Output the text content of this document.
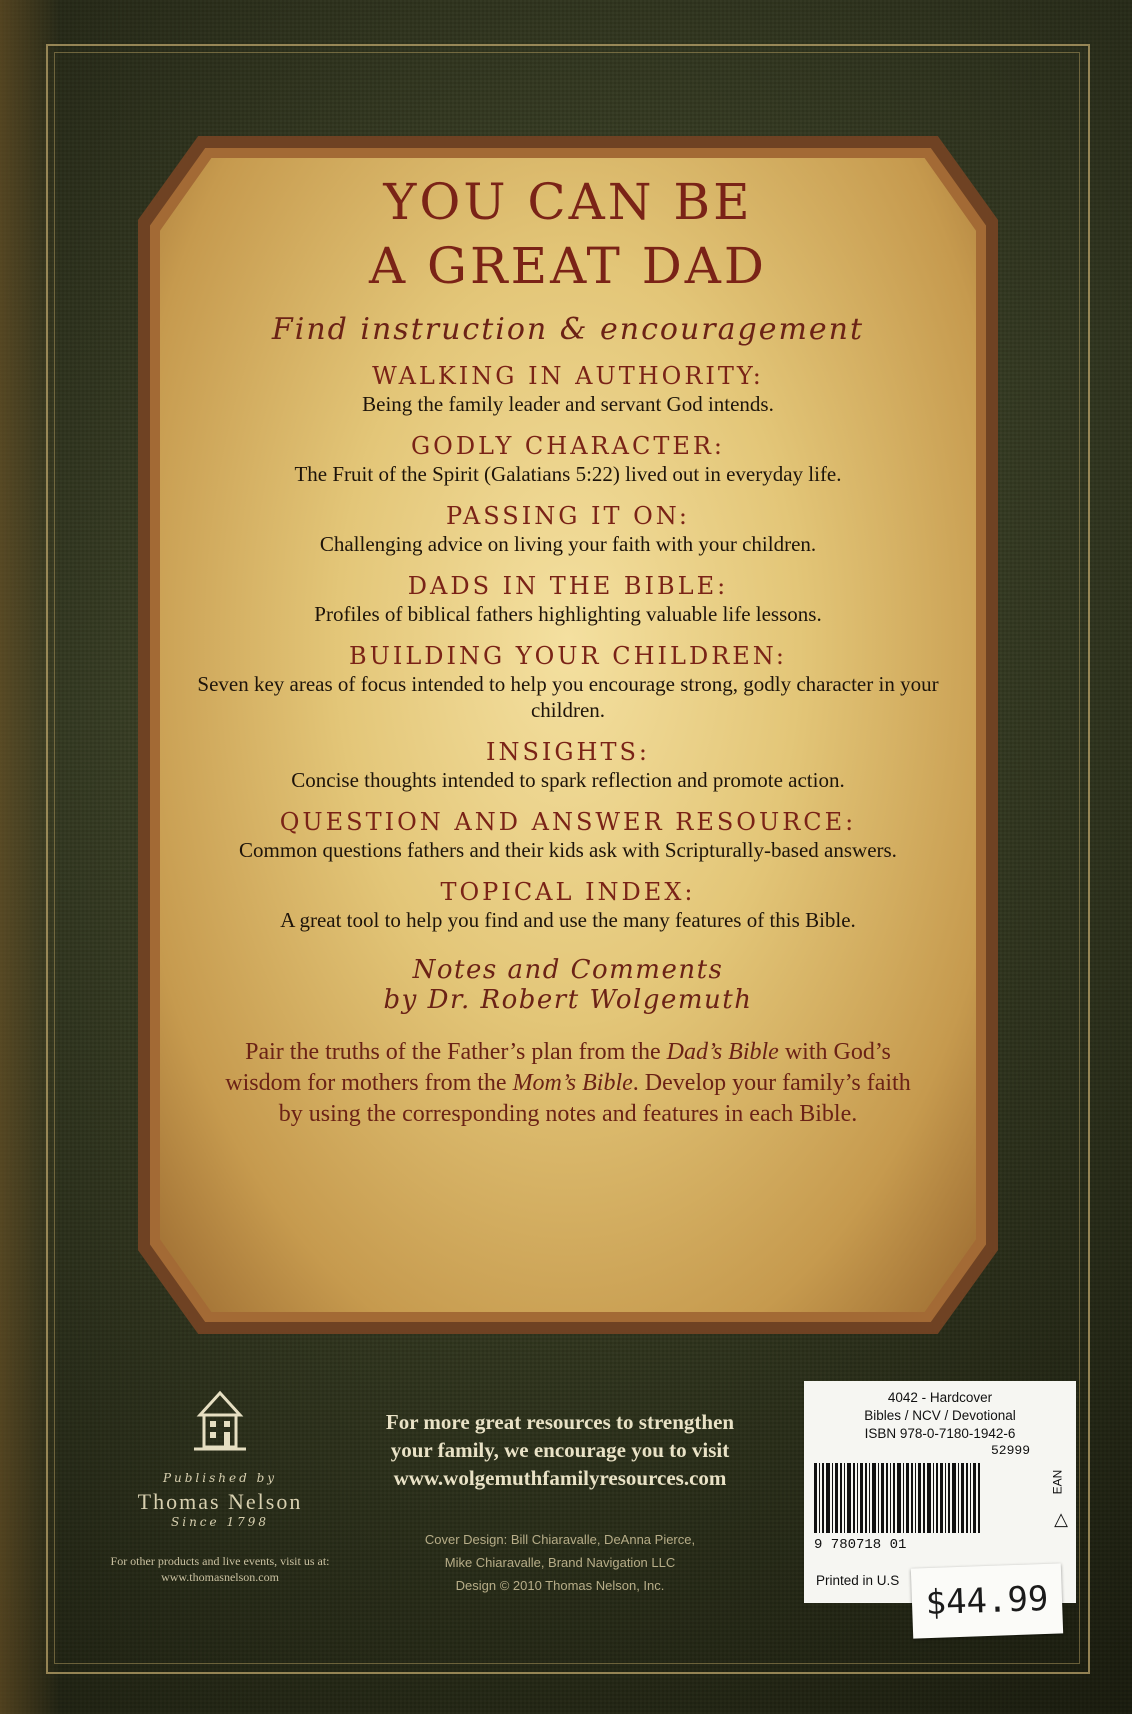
YOU CAN BE
A GREAT DAD
Find instruction & encouragement
WALKING IN AUTHORITY:
Being the family leader and servant God intends.
GODLY CHARACTER:
The Fruit of the Spirit (Galatians 5:22) lived out in everyday life.
PASSING IT ON:
Challenging advice on living your faith with your children.
DADS IN THE BIBLE:
Profiles of biblical fathers highlighting valuable life lessons.
BUILDING YOUR CHILDREN:
Seven key areas of focus intended to help you encourage strong, godly character in your children.
INSIGHTS:
Concise thoughts intended to spark reflection and promote action.
QUESTION AND ANSWER RESOURCE:
Common questions fathers and their kids ask with Scripturally-based answers.
TOPICAL INDEX:
A great tool to help you find and use the many features of this Bible.
Notes and Comments
by Dr. Robert Wolgemuth
Pair the truths of the Father’s plan from the Dad’s Bible with God’s wisdom for mothers from the Mom’s Bible. Develop your family’s faith by using the corresponding notes and features in each Bible.
Published by
Thomas Nelson
Since 1798
For other products and live events, visit us at:
www.thomasnelson.com
For more great resources to strengthen
your family, we encourage you to visit
www.wolgemuthfamilyresources.com
Cover Design: Bill Chiaravalle, DeAnna Pierce,
Mike Chiaravalle, Brand Navigation LLC
Design © 2010 Thomas Nelson, Inc.
4042 - Hardcover
Bibles / NCV / Devotional
ISBN 978-0-7180-1942-6
52999
EAN
△
9 780718 01
Printed in U.S $44.99
